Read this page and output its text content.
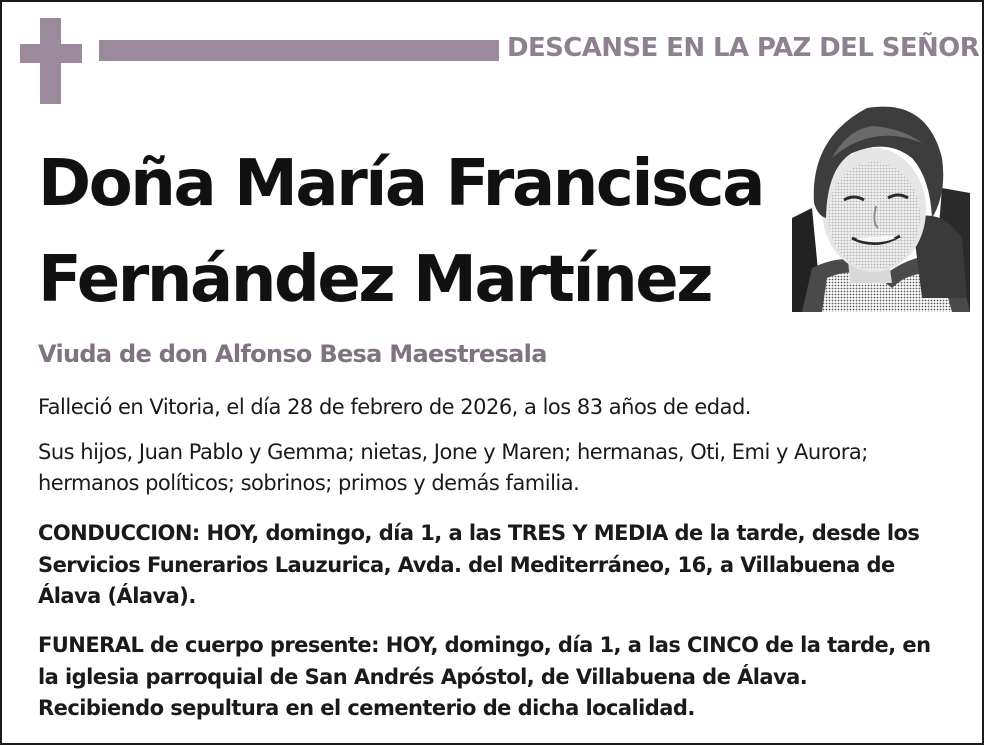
DESCANSE EN LA PAZ DEL SEÑOR
Doña María Francisca
Fernández Martínez
Viuda de don Alfonso Besa Maestresala

Falleció en Vitoria, el día 28 de febrero de 2026, a los 83 años de edad.

Sus hijos, Juan Pablo y Gemma; nietas, Jone y Maren; hermanas, Oti, Emi y Aurora; hermanos políticos; sobrinos; primos y demás familia.

CONDUCCION: HOY, domingo, día 1, a las TRES Y MEDIA de la tarde, desde los Servicios Funerarios Lauzurica, Avda. del Mediterráneo, 16, a Villabuena de Álava (Álava).

FUNERAL de cuerpo presente: HOY, domingo, día 1, a las CINCO de la tarde, en la iglesia parroquial de San Andrés Apóstol, de Villabuena de Álava. Recibiendo sepultura en el cementerio de dicha localidad.
